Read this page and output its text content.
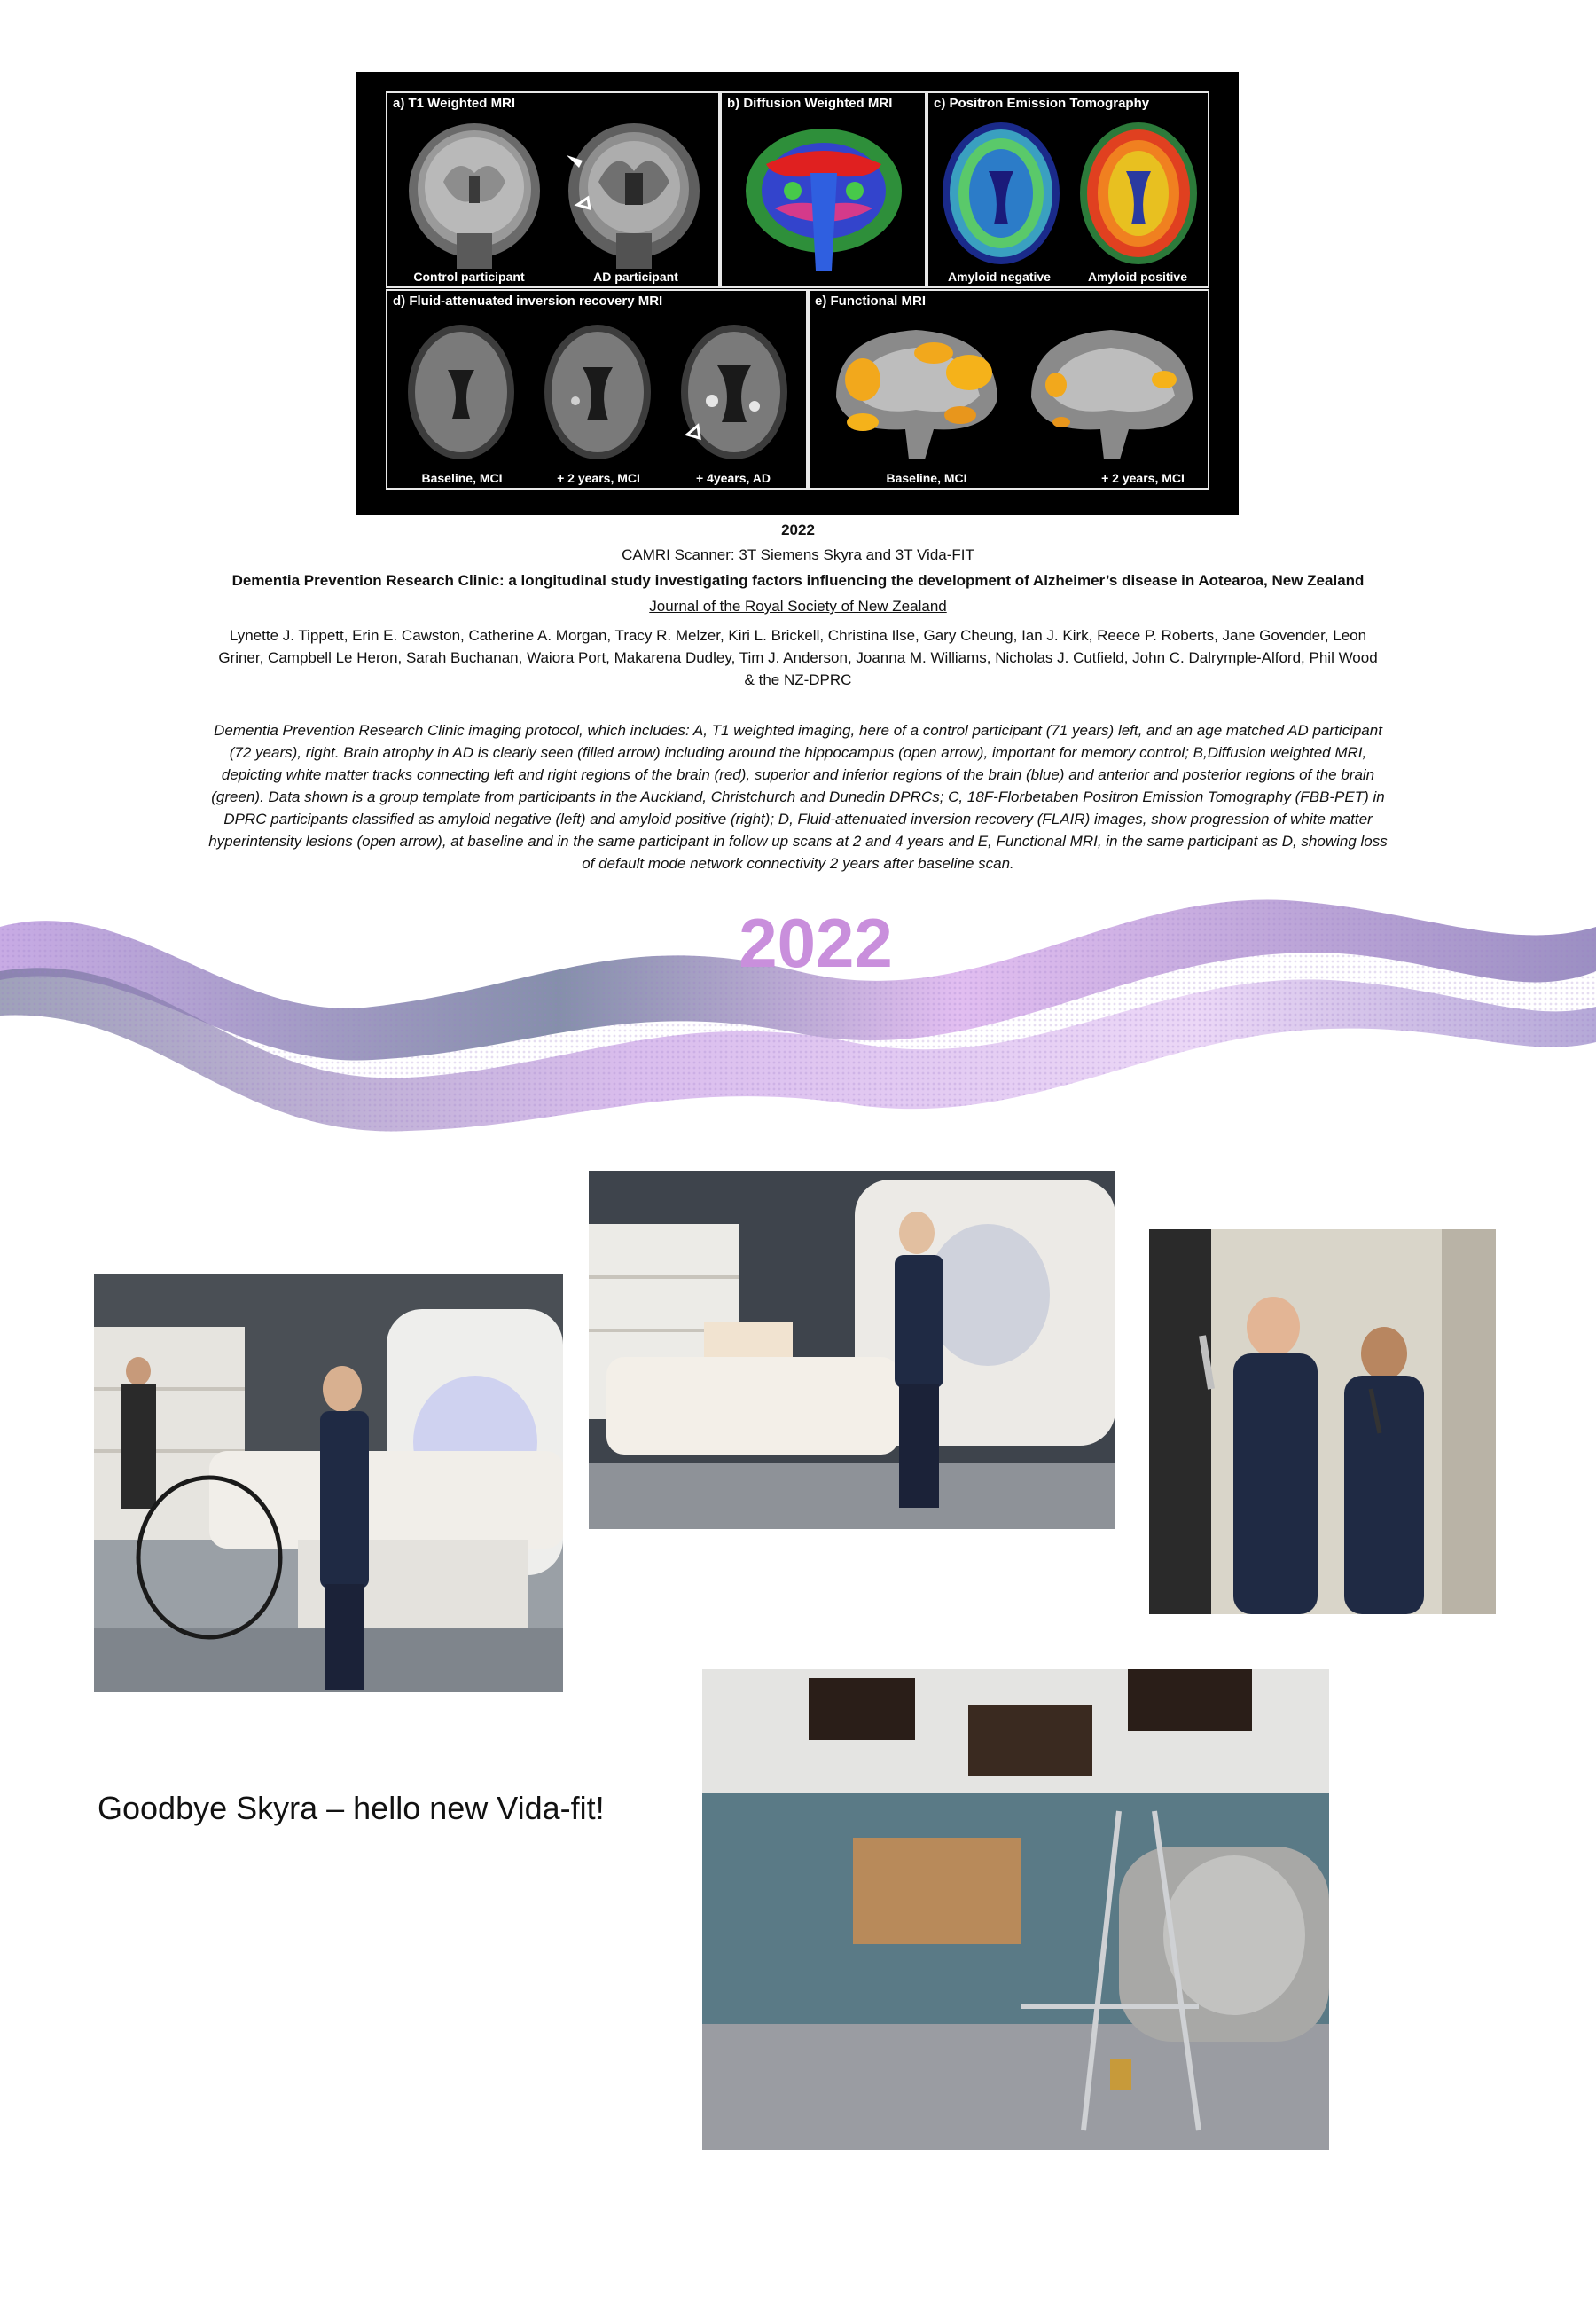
a) T1 Weighted MRI
Control participant	AD participant
b) Diffusion Weighted MRI	c) Positron Emission Tomography
Amyloid negative	Amyloid positive
d) Fluid-attenuated inversion recovery MRI
Baseline, MCI	+ 2 years, MCI	+ 4years, AD
e) Functional MRI
Baseline, MCI	+ 2 years, MCI
2022
CAMRI Scanner: 3T Siemens Skyra and 3T Vida-FIT
Dementia Prevention Research Clinic: a longitudinal study investigating factors influencing the development of Alzheimer’s disease in Aotearoa, New Zealand
Journal of the Royal Society of New Zealand
Lynette J. Tippett, Erin E. Cawston, Catherine A. Morgan, Tracy R. Melzer, Kiri L. Brickell, Christina Ilse, Gary Cheung, Ian J. Kirk, Reece P. Roberts, Jane Govender, Leon Griner, Campbell Le Heron, Sarah Buchanan, Waiora Port, Makarena Dudley, Tim J. Anderson, Joanna M. Williams, Nicholas J. Cutfield, John C. Dalrymple-Alford, Phil Wood & the NZ-DPRC
Dementia Prevention Research Clinic imaging protocol, which includes: A, T1 weighted imaging, here of a control participant (71 years) left, and an age matched AD participant (72 years), right. Brain atrophy in AD is clearly seen (filled arrow) including around the hippocampus (open arrow), important for memory control; B,Diffusion weighted MRI, depicting white matter tracks connecting left and right regions of the brain (red), superior and inferior regions of the brain (blue) and anterior and posterior regions of the brain (green). Data shown is a group template from participants in the Auckland, Christchurch and Dunedin DPRCs; C, 18F-Florbetaben Positron Emission Tomography (FBB-PET) in DPRC participants classified as amyloid negative (left) and amyloid positive (right); D, Fluid-attenuated inversion recovery (FLAIR) images, show progression of white matter hyperintensity lesions (open arrow), at baseline and in the same participant in follow up scans at 2 and 4 years and E, Functional MRI, in the same participant as D, showing loss of default mode network connectivity 2 years after baseline scan.
2022
Goodbye Skyra – hello new Vida-fit!
